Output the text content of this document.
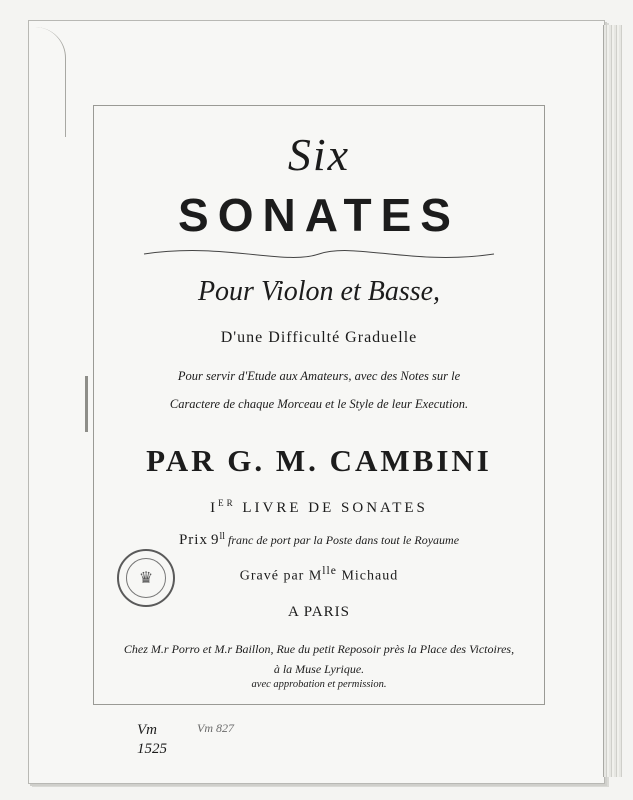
Six
SONATES
Pour Violon et Basse,
D'une Difficulté Graduelle
Pour servir d'Etude aux Amateurs, avec des Notes sur le
Caractere de chaque Morceau et le Style de leur Execution.
PAR G. M. CAMBINI
IER LIVRE DE SONATES
Prix $9^{ll}$ franc de port par la Poste dans tout le Royaume
Gravé par $M^{lle}$ Michaud
A PARIS
Chez M.r Porro et M.r Baillon, Rue du petit Reposoir près la Place des Victoires,
à la Muse Lyrique.
avec approbation et permission.
♛
Vm
1525
Vm 827
